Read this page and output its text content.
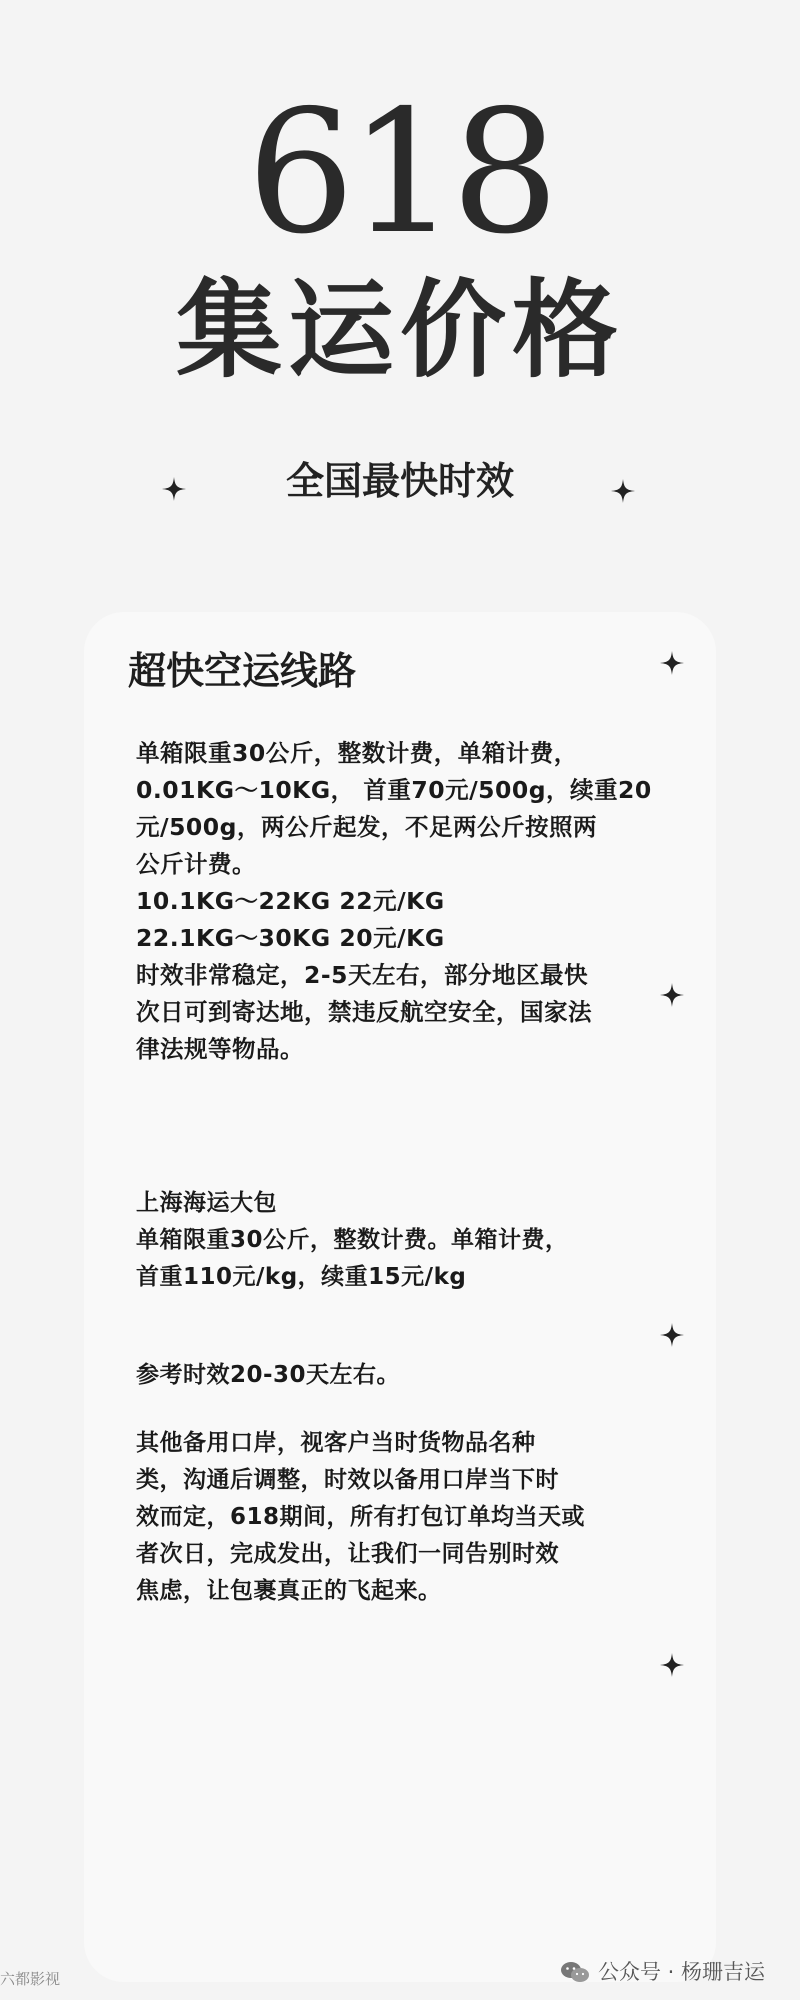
618
集运价格
全国最快时效
超快空运线路
单箱限重30公斤，整数计费，单箱计费，
0.01KG～10KG， 首重70元/500g，续重20
元/500g，两公斤起发，不足两公斤按照两
公斤计费。
10.1KG～22KG 22元/KG
22.1KG～30KG 20元/KG
时效非常稳定，2-5天左右，部分地区最快
次日可到寄达地，禁违反航空安全，国家法
律法规等物品。
上海海运大包
单箱限重30公斤，整数计费。单箱计费，
首重110元/kg，续重15元/kg
参考时效20-30天左右。
其他备用口岸，视客户当时货物品名种
类，沟通后调整，时效以备用口岸当下时
效而定，618期间，所有打包订单均当天或
者次日，完成发出，让我们一同告别时效
焦虑，让包裹真正的飞起来。
六都影视	公众号 · 杨珊吉运
